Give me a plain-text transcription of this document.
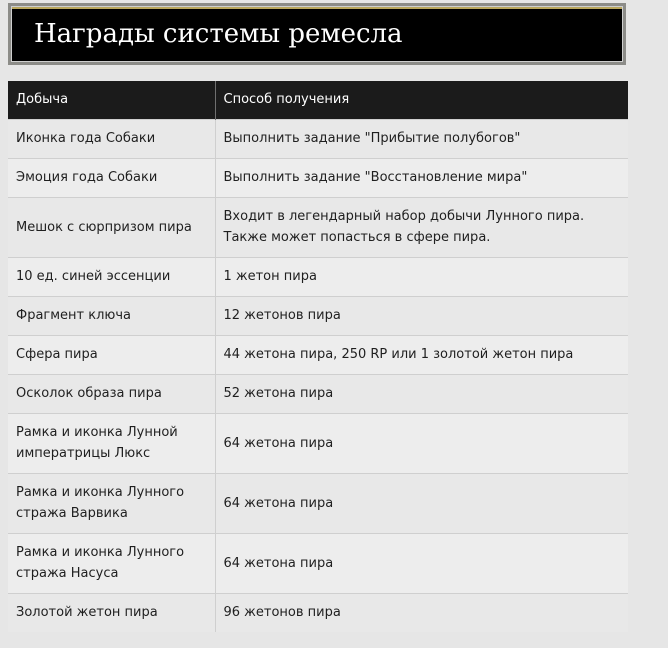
Награды системы ремесла
Добыча	Способ получения
Иконка года Собаки	Выполнить задание "Прибытие полубогов"
Эмоция года Собаки	Выполнить задание "Восстановление мира"
Мешок с сюрпризом пира	Входит в легендарный набор добычи Лунного пира. Также может попасться в сфере пира.
10 ед. синей эссенции	1 жетон пира
Фрагмент ключа	12 жетонов пира
Сфера пира	44 жетона пира, 250 RP или 1 золотой жетон пира
Осколок образа пира	52 жетона пира
Рамка и иконка Лунной императрицы Люкс	64 жетона пира
Рамка и иконка Лунного стража Варвика	64 жетона пира
Рамка и иконка Лунного стража Насуса	64 жетона пира
Золотой жетон пира	96 жетонов пира
